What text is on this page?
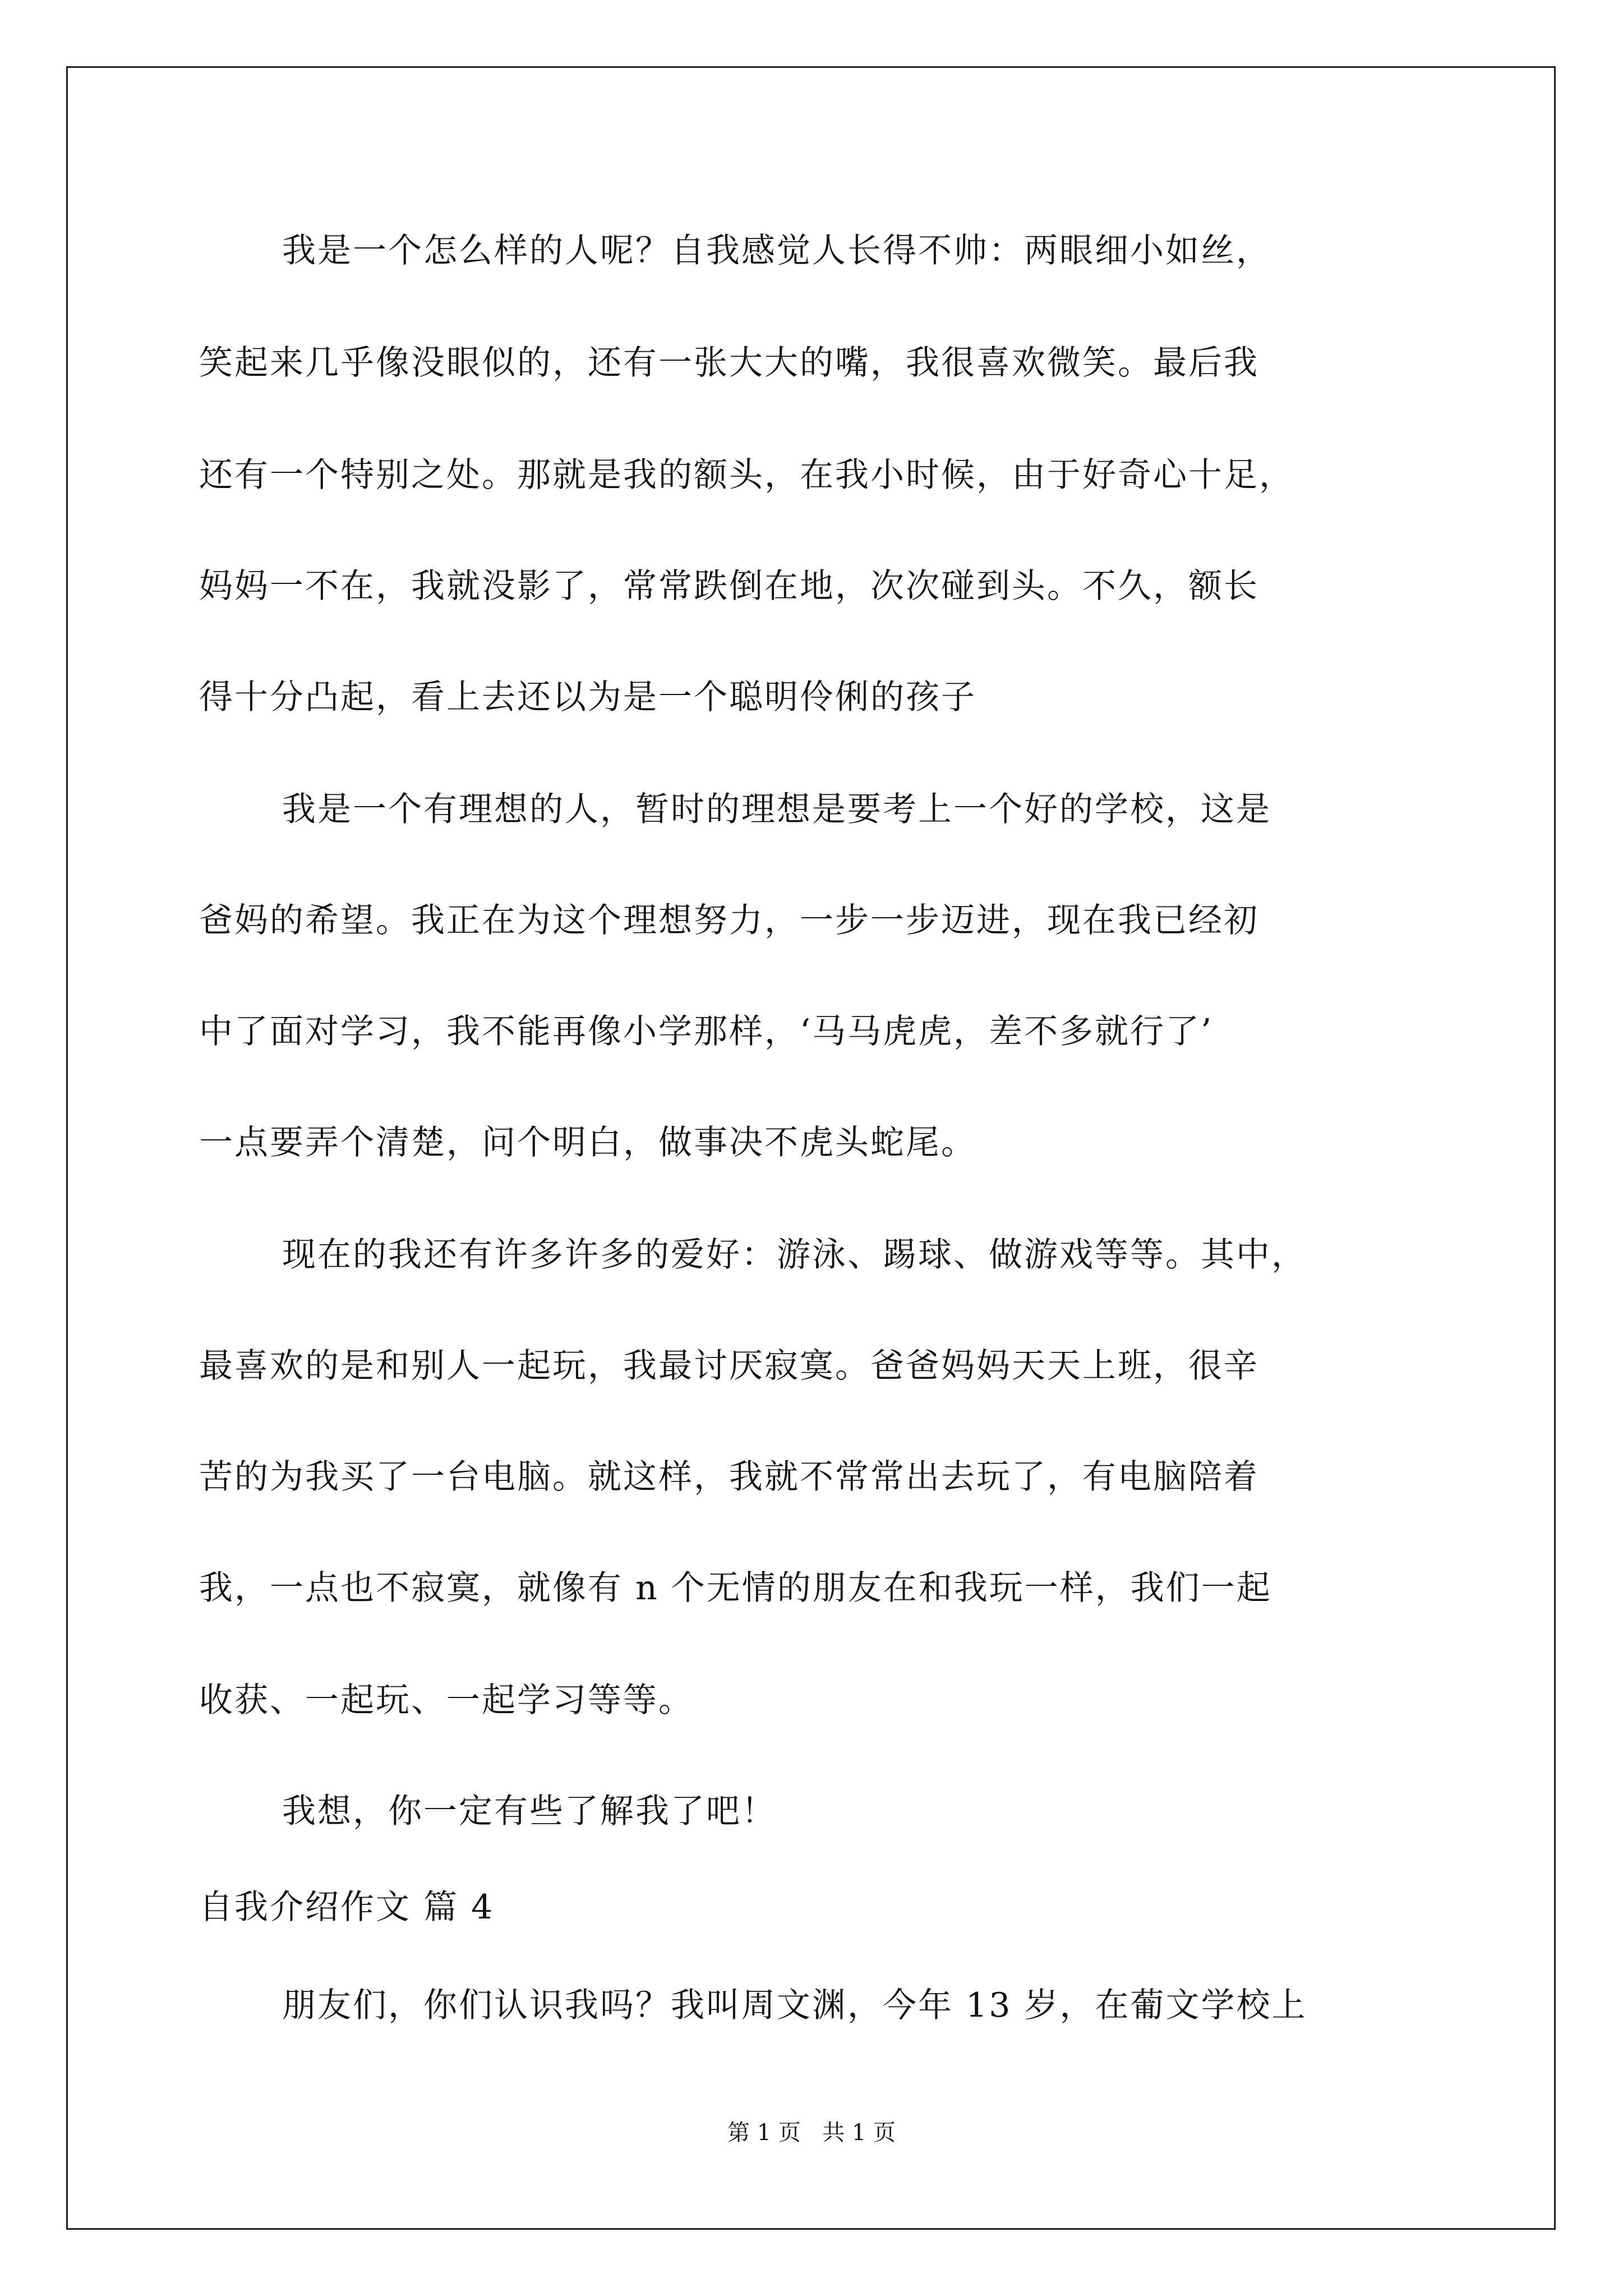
我是一个怎么样的人呢？自我感觉人长得不帅：两眼细小如丝，
笑起来几乎像没眼似的，还有一张大大的嘴，我很喜欢微笑。最后我
还有一个特别之处。那就是我的额头，在我小时候，由于好奇心十足，
妈妈一不在，我就没影了，常常跌倒在地，次次碰到头。不久，额长
得十分凸起，看上去还以为是一个聪明伶俐的孩子
我是一个有理想的人，暂时的理想是要考上一个好的学校，这是
爸妈的希望。我正在为这个理想努力，一步一步迈进，现在我已经初
中了面对学习，我不能再像小学那样，‘马马虎虎，差不多就行了’
一点要弄个清楚，问个明白，做事决不虎头蛇尾。
现在的我还有许多许多的爱好：游泳、踢球、做游戏等等。其中，
最喜欢的是和别人一起玩，我最讨厌寂寞。爸爸妈妈天天上班，很辛
苦的为我买了一台电脑。就这样，我就不常常出去玩了，有电脑陪着
我，一点也不寂寞，就像有 n 个无情的朋友在和我玩一样，我们一起
收获、一起玩、一起学习等等。
我想，你一定有些了解我了吧！
自我介绍作文 篇 4
朋友们，你们认识我吗？我叫周文渊，今年 13 岁，在葡文学校上
第 1 页   共 1 页
